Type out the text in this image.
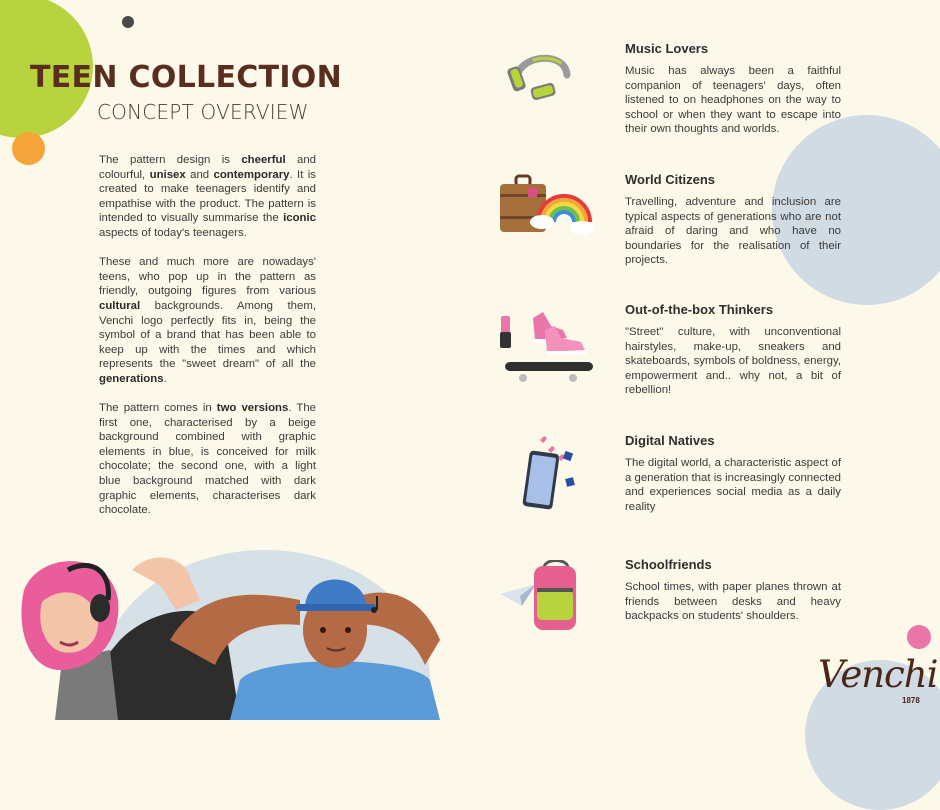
TEEN COLLECTION
CONCEPT OVERVIEW

The pattern design is cheerful and colourful, unisex and contemporary. It is created to make teenagers identify and empathise with the product. The pattern is intended to visually summarise the iconic aspects of today's teenagers.

These and much more are nowadays' teens, who pop up in the pattern as friendly, outgoing figures from various cultural backgrounds. Among them, Venchi logo perfectly fits in, being the symbol of a brand that has been able to keep up with the times and which represents the "sweet dream" of all the generations.

The pattern comes in two versions. The first one, characterised by a beige background combined with graphic elements in blue, is conceived for milk chocolate; the second one, with a light blue background matched with dark graphic elements, characterises dark chocolate.

Music Lovers

Music has always been a faithful companion of teenagers' days, often listened to on headphones on the way to school or when they want to escape into their own thoughts and worlds.

World Citizens

Travelling, adventure and inclusion are typical aspects of generations who are not afraid of daring and who have no boundaries for the realisation of their projects.

Out-of-the-box Thinkers

"Street" culture, with unconventional hairstyles, make-up, sneakers and skateboards, symbols of boldness, energy, empowerment and.. why not, a bit of rebellion!

Digital Natives

The digital world, a characteristic aspect of a generation that is increasingly connected and experiences social media as a daily reality

Schoolfriends

School times, with paper planes thrown at friends between desks and heavy backpacks on students' shoulders.

Venchi
1878
